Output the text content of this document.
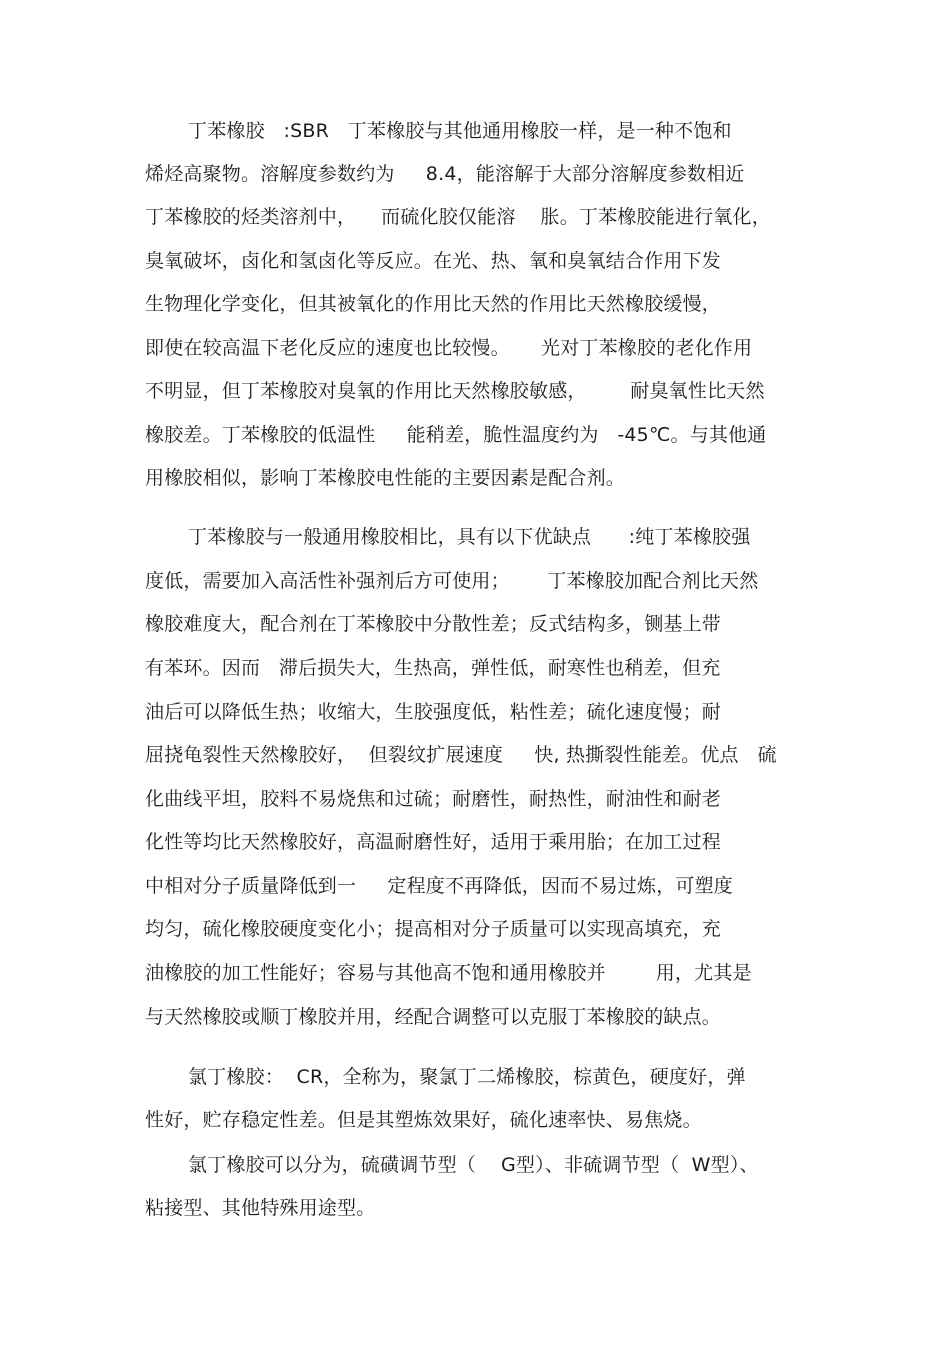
丁苯橡胶   :SBR   丁苯橡胶与其他通用橡胶一样，是一种不饱和
烯烃高聚物。溶解度参数约为     8.4，能溶解于大部分溶解度参数相近
丁苯橡胶的烃类溶剂中，    而硫化胶仅能溶    胀。丁苯橡胶能进行氧化，
臭氧破坏，卤化和氢卤化等反应。在光、热、氧和臭氧结合作用下发
生物理化学变化，但其被氧化的作用比天然的作用比天然橡胶缓慢，
即使在较高温下老化反应的速度也比较慢。     光对丁苯橡胶的老化作用
不明显，但丁苯橡胶对臭氧的作用比天然橡胶敏感，       耐臭氧性比天然
橡胶差。丁苯橡胶的低温性     能稍差，脆性温度约为   -45℃。与其他通
用橡胶相似，影响丁苯橡胶电性能的主要因素是配合剂。
丁苯橡胶与一般通用橡胶相比，具有以下优缺点      :纯丁苯橡胶强
度低，需要加入高活性补强剂后方可使用；      丁苯橡胶加配合剂比天然
橡胶难度大，配合剂在丁苯橡胶中分散性差；反式结构多，铡基上带
有苯环。因而   滞后损失大，生热高，弹性低，耐寒性也稍差，但充
油后可以降低生热；收缩大，生胶强度低，粘性差；硫化速度慢；耐
屈挠龟裂性天然橡胶好，  但裂纹扩展速度     快, 热撕裂性能差。优点   硫
化曲线平坦，胶料不易烧焦和过硫；耐磨性，耐热性，耐油性和耐老
化性等均比天然橡胶好，高温耐磨性好，适用于乘用胎；在加工过程
中相对分子质量降低到一     定程度不再降低，因而不易过炼，可塑度
均匀，硫化橡胶硬度变化小；提高相对分子质量可以实现高填充，充
油橡胶的加工性能好；容易与其他高不饱和通用橡胶并        用，尤其是
与天然橡胶或顺丁橡胶并用，经配合调整可以克服丁苯橡胶的缺点。
氯丁橡胶：  CR，全称为，聚氯丁二烯橡胶，棕黄色，硬度好，弹
性好，贮存稳定性差。但是其塑炼效果好，硫化速率快、易焦烧。
氯丁橡胶可以分为，硫磺调节型（    G型）、非硫调节型（  W型）、
粘接型、其他特殊用途型。
